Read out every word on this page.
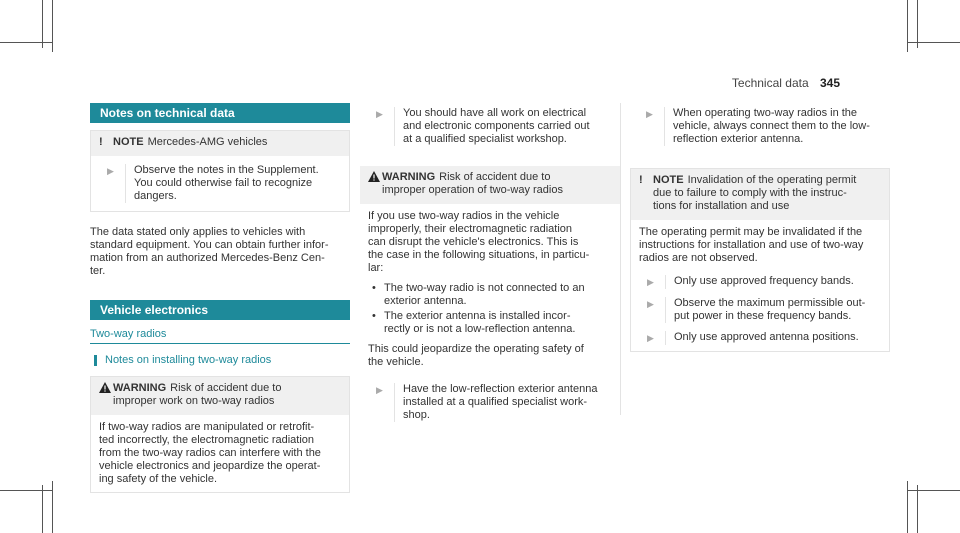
Technical data 345
Notes on technical data
! NOTE Mercedes-AMG vehicles
▶	Observe the notes in the Supplement.
You could otherwise fail to recognize
dangers.
The data stated only applies to vehicles with
standard equipment. You can obtain further infor-
mation from an authorized Mercedes-Benz Cen-
ter.
Vehicle electronics
Two-way radios
Notes on installing two-way radios
WARNING Risk of accident due to
improper work on two-way radios
If two-way radios are manipulated or retrofit-
ted incorrectly, the electromagnetic radiation
from the two-way radios can interfere with the
vehicle electronics and jeopardize the operat-
ing safety of the vehicle.
▶	You should have all work on electrical
and electronic components carried out
at a qualified specialist workshop.
WARNING Risk of accident due to
improper operation of two-way radios
If you use two-way radios in the vehicle
improperly, their electromagnetic radiation
can disrupt the vehicle's electronics. This is
the case in the following situations, in particu-
lar:
• The two-way radio is not connected to an
exterior antenna.
• The exterior antenna is installed incor-
rectly or is not a low-reflection antenna.
This could jeopardize the operating safety of
the vehicle.
▶	Have the low-reflection exterior antenna
installed at a qualified specialist work-
shop.
▶	When operating two-way radios in the
vehicle, always connect them to the low-
reflection exterior antenna.
! NOTE Invalidation of the operating permit
due to failure to comply with the instruc-
tions for installation and use
The operating permit may be invalidated if the
instructions for installation and use of two-way
radios are not observed.
▶	Only use approved frequency bands.
▶	Observe the maximum permissible out-
put power in these frequency bands.
▶	Only use approved antenna positions.
